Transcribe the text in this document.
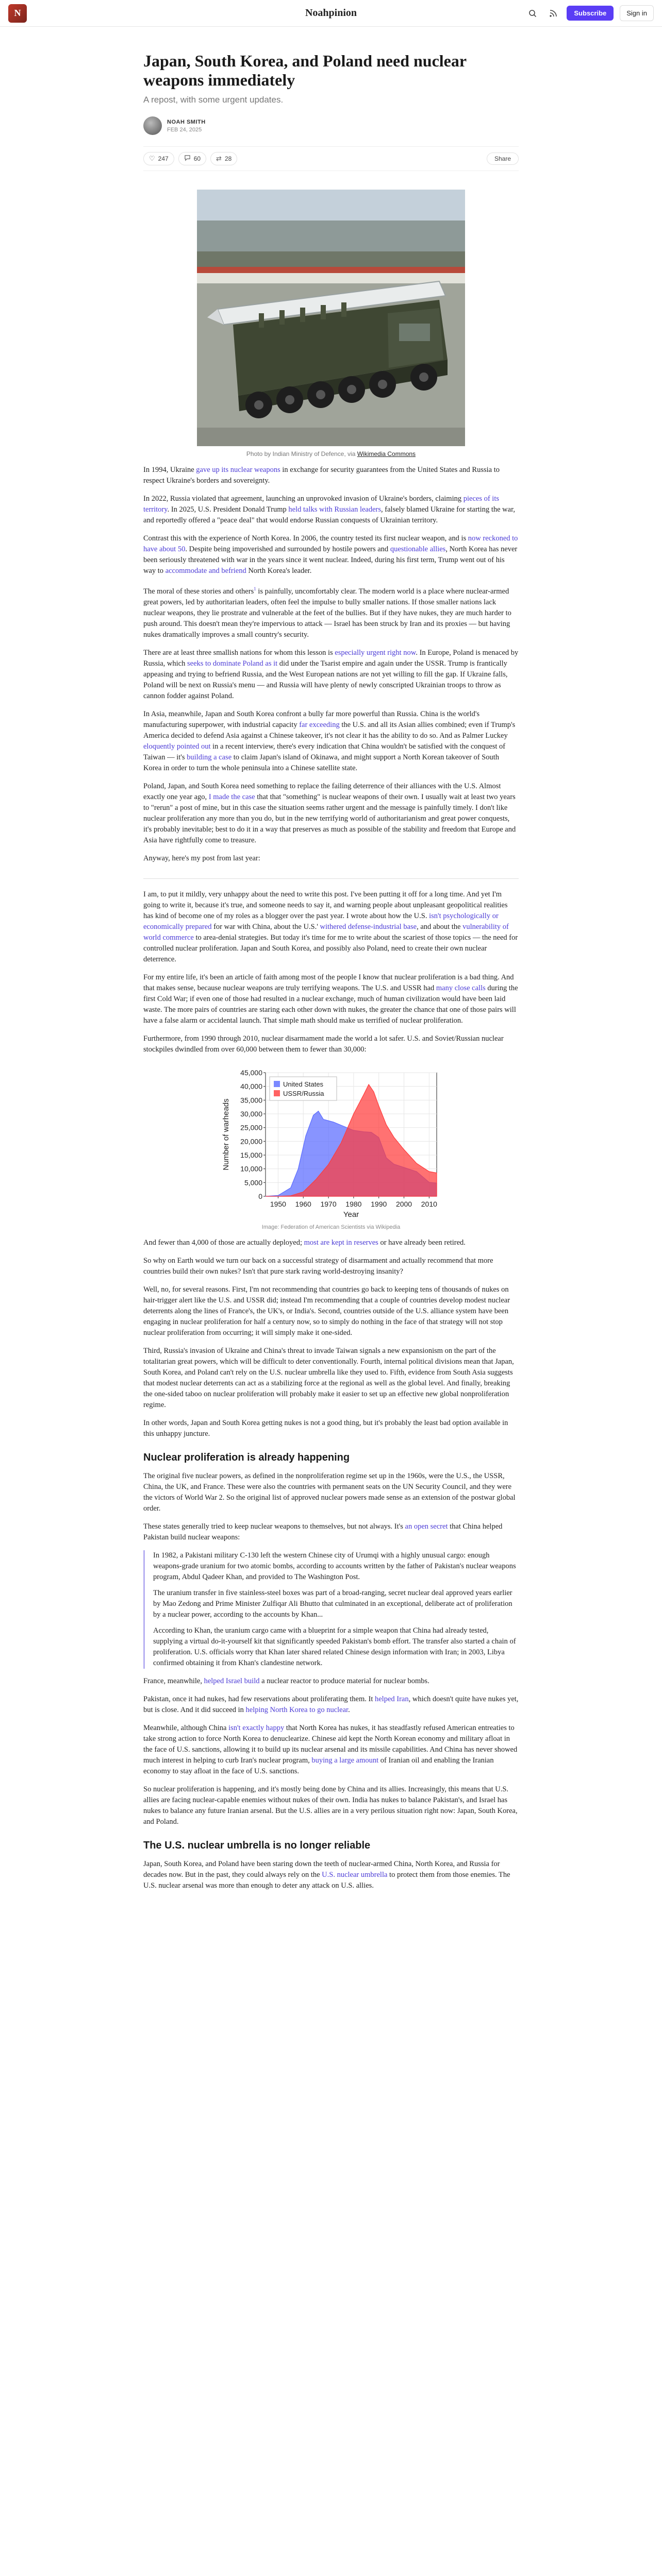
N	Noahpinion	Subscribe	Sign in
Japan, South Korea, and Poland need nuclear weapons immediately
A repost, with some urgent updates.
NOAH SMITH
FEB 24, 2025
♡ 247	60 ⇄ 28	Share
Photo by Indian Ministry of Defence, via Wikimedia Commons

In 1994, Ukraine gave up its nuclear weapons in exchange for security guarantees from the United States and Russia to respect Ukraine's borders and sovereignty.

In 2022, Russia violated that agreement, launching an unprovoked invasion of Ukraine's borders, claiming pieces of its territory. In 2025, U.S. President Donald Trump held talks with Russian leaders, falsely blamed Ukraine for starting the war, and reportedly offered a "peace deal" that would endorse Russian conquests of Ukrainian territory.

Contrast this with the experience of North Korea. In 2006, the country tested its first nuclear weapon, and is now reckoned to have about 50. Despite being impoverished and surrounded by hostile powers and questionable allies, North Korea has never been seriously threatened with war in the years since it went nuclear. Indeed, during his first term, Trump went out of his way to accommodate and befriend North Korea's leader.

The moral of these stories and others$^1$ is painfully, uncomfortably clear. The modern world is a place where nuclear-armed great powers, led by authoritarian leaders, often feel the impulse to bully smaller nations. If those smaller nations lack nuclear weapons, they lie prostrate and vulnerable at the feet of the bullies. But if they have nukes, they are much harder to push around. This doesn't mean they're impervious to attack — Israel has been struck by Iran and its proxies — but having nukes dramatically improves a small country's security.

There are at least three smallish nations for whom this lesson is especially urgent right now. In Europe, Poland is menaced by Russia, which seeks to dominate Poland as it did under the Tsarist empire and again under the USSR. Trump is frantically appeasing and trying to befriend Russia, and the West European nations are not yet willing to fill the gap. If Ukraine falls, Poland will be next on Russia's menu — and Russia will have plenty of newly conscripted Ukrainian troops to throw as cannon fodder against Poland.

In Asia, meanwhile, Japan and South Korea confront a bully far more powerful than Russia. China is the world's manufacturing superpower, with industrial capacity far exceeding the U.S. and all its Asian allies combined; even if Trump's America decided to defend Asia against a Chinese takeover, it's not clear it has the ability to do so. And as Palmer Luckey eloquently pointed out in a recent interview, there's every indication that China wouldn't be satisfied with the conquest of Taiwan — it's building a case to claim Japan's island of Okinawa, and might support a North Korean takeover of South Korea in order to turn the whole peninsula into a Chinese satellite state.

Poland, Japan, and South Korea need something to replace the failing deterrence of their alliances with the U.S. Almost exactly one year ago, I made the case that that "something" is nuclear weapons of their own. I usually wait at least two years to "rerun" a post of mine, but in this case the situation seems rather urgent and the message is painfully timely. I don't like nuclear proliferation any more than you do, but in the new terrifying world of authoritarianism and great power conquests, it's probably inevitable; best to do it in a way that preserves as much as possible of the stability and freedom that Europe and Asia have rightfully come to treasure.

Anyway, here's my post from last year:

I am, to put it mildly, very unhappy about the need to write this post. I've been putting it off for a long time. And yet I'm going to write it, because it's true, and someone needs to say it, and warning people about unpleasant geopolitical realities has kind of become one of my roles as a blogger over the past year. I wrote about how the U.S. isn't psychologically or economically prepared for war with China, about the U.S.' withered defense-industrial base, and about the vulnerability of world commerce to area-denial strategies. But today it's time for me to write about the scariest of those topics — the need for controlled nuclear proliferation. Japan and South Korea, and possibly also Poland, need to create their own nuclear deterrence.

For my entire life, it's been an article of faith among most of the people I know that nuclear proliferation is a bad thing. And that makes sense, because nuclear weapons are truly terrifying weapons. The U.S. and USSR had many close calls during the first Cold War; if even one of those had resulted in a nuclear exchange, much of human civilization would have been laid waste. The more pairs of countries are staring each other down with nukes, the greater the chance that one of those pairs will have a false alarm or accidental launch. That simple math should make us terrified of nuclear proliferation.

Furthermore, from 1990 through 2010, nuclear disarmament made the world a lot safer. U.S. and Soviet/Russian nuclear stockpiles dwindled from over 60,000 between them to fewer than 30,000:

0
5,000
10,000
15,000
20,000
25,000
30,000
35,000
40,000
45,000
1950 1960 1970 1980 1990 2000 2010
Year
Number of warheads
United States
USSR/Russia
Image: Federation of American Scientists via Wikipedia

And fewer than 4,000 of those are actually deployed; most are kept in reserves or have already been retired.

So why on Earth would we turn our back on a successful strategy of disarmament and actually recommend that more countries build their own nukes? Isn't that pure stark raving world-destroying insanity?

Well, no, for several reasons. First, I'm not recommending that countries go back to keeping tens of thousands of nukes on hair-trigger alert like the U.S. and USSR did; instead I'm recommending that a couple of countries develop modest nuclear deterrents along the lines of France's, the UK's, or India's. Second, countries outside of the U.S. alliance system have been engaging in nuclear proliferation for half a century now, so to simply do nothing in the face of that strategy will not stop nuclear proliferation from occurring; it will simply make it one-sided.

Third, Russia's invasion of Ukraine and China's threat to invade Taiwan signals a new expansionism on the part of the totalitarian great powers, which will be difficult to deter conventionally. Fourth, internal political divisions mean that Japan, South Korea, and Poland can't rely on the U.S. nuclear umbrella like they used to. Fifth, evidence from South Asia suggests that modest nuclear deterrents can act as a stabilizing force at the regional as well as the global level. And finally, breaking the one-sided taboo on nuclear proliferation will probably make it easier to set up an effective new global nonproliferation regime.

In other words, Japan and South Korea getting nukes is not a good thing, but it's probably the least bad option available in this unhappy juncture.

Nuclear proliferation is already happening

The original five nuclear powers, as defined in the nonproliferation regime set up in the 1960s, were the U.S., the USSR, China, the UK, and France. These were also the countries with permanent seats on the UN Security Council, and they were the victors of World War 2. So the original list of approved nuclear powers made sense as an extension of the postwar global order.

These states generally tried to keep nuclear weapons to themselves, but not always. It's an open secret that China helped Pakistan build nuclear weapons:

In 1982, a Pakistani military C-130 left the western Chinese city of Urumqi with a highly unusual cargo: enough weapons-grade uranium for two atomic bombs, according to accounts written by the father of Pakistan's nuclear weapons program, Abdul Qadeer Khan, and provided to The Washington Post.

The uranium transfer in five stainless-steel boxes was part of a broad-ranging, secret nuclear deal approved years earlier by Mao Zedong and Prime Minister Zulfiqar Ali Bhutto that culminated in an exceptional, deliberate act of proliferation by a nuclear power, according to the accounts by Khan...

According to Khan, the uranium cargo came with a blueprint for a simple weapon that China had already tested, supplying a virtual do-it-yourself kit that significantly speeded Pakistan's bomb effort. The transfer also started a chain of proliferation. U.S. officials worry that Khan later shared related Chinese design information with Iran; in 2003, Libya confirmed obtaining it from Khan's clandestine network.

France, meanwhile, helped Israel build a nuclear reactor to produce material for nuclear bombs.

Pakistan, once it had nukes, had few reservations about proliferating them. It helped Iran, which doesn't quite have nukes yet, but is close. And it did succeed in helping North Korea to go nuclear.

Meanwhile, although China isn't exactly happy that North Korea has nukes, it has steadfastly refused American entreaties to take strong action to force North Korea to denuclearize. Chinese aid kept the North Korean economy and military afloat in the face of U.S. sanctions, allowing it to build up its nuclear arsenal and its missile capabilities. And China has never showed much interest in helping to curb Iran's nuclear program, buying a large amount of Iranian oil and enabling the Iranian economy to stay afloat in the face of U.S. sanctions.

So nuclear proliferation is happening, and it's mostly being done by China and its allies. Increasingly, this means that U.S. allies are facing nuclear-capable enemies without nukes of their own. India has nukes to balance Pakistan's, and Israel has nukes to balance any future Iranian arsenal. But the U.S. allies are in a very perilous situation right now: Japan, South Korea, and Poland.

The U.S. nuclear umbrella is no longer reliable

Japan, South Korea, and Poland have been staring down the teeth of nuclear-armed China, North Korea, and Russia for decades now. But in the past, they could always rely on the U.S. nuclear umbrella to protect them from those enemies. The U.S. nuclear arsenal was more than enough to deter any attack on U.S. allies.
